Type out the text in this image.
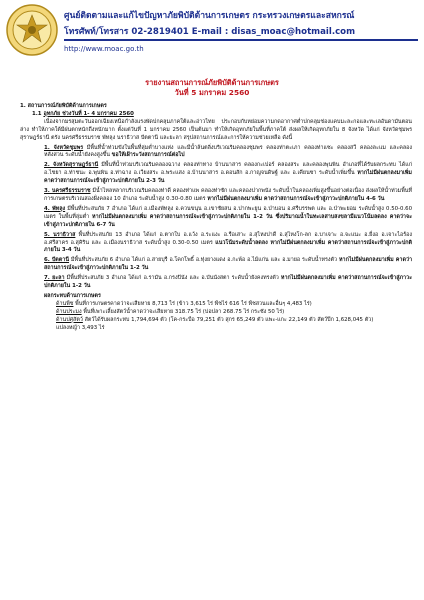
ศูนย์ติดตามและแก้ไขปัญหาภัยพิบัติด้านการเกษตร กระทรวงเกษตรและสหกรณ์
โทรศัพท์/โทรสาร 02-2819401 E-mail : disas_moac@hotmail.com
http://www.moac.go.th
รายงานสถานการณ์ภัยพิบัติด้านการเกษตร
วันที่ 5 มกราคม 2560

1. สถานการณ์ภัยพิบัติด้านการเกษตร

1.1 อุทกภัย ช่วงวันที่ 1- 4 มกราคม 2560

เนื่องจากมรสุมตะวันออกเฉียงเหนือกำลังแรงพัดปกคลุมภาคใต้และอ่าวไทย ประกอบกับหย่อมความกดอากาศต่ำปกคลุมช่องแคบมะละกอและทะเลอันดามันตอนล่าง ทำให้ภาคใต้มีฝนตกหนักถึงหนักมาก ตั้งแต่วันที่ 1 มกราคม 2560 เป็นต้นมา ทำให้เกิดอุทกภัยในพื้นที่ภาคใต้ ส่งผลให้เกิดอุทกภัยใน 8 จังหวัด ได้แก่ จังหวัดชุมพร สุราษฎร์ธานี ตรัง นครศรีธรรมราช พัทลุง นราธิวาส ปัตตานี และยะลา สรุปสถานการณ์และการให้ความช่วยเหลือ ดังนี้

1. จังหวัดชุมพร มีพื้นที่น้ำท่วมขังในพื้นที่ลุ่มต่ำบางแห่ง และมีน้ำล้นตลิ่งบริเวณริมคลองชุมพร คลองท่าตะเภา คลองท่าแซะ คลองสวี คลองละแม และคลองหลังสวน ระดับน้ำยังคงสูงขึ้น ขอให้เฝ้าระวังสถานการณ์ต่อไป

2. จังหวัดสุราษฎร์ธานี มีพื้นที่น้ำท่วมบริเวณริมคลองฉวาง คลองท่าทาง บ้านนาสาร คลองกะเปอร์ คลองสระ และคลองพุนพิน อำเภอที่ได้รับผลกระทบ ได้แก่ อ.ไชยา อ.ท่าชนะ อ.พุนพิน อ.ท่าฉาง อ.เวียงสระ อ.พระแสง อ.บ้านนาสาร อ.ดอนสัก อ.กาญจนดิษฐ์ และ อ.เคียนซา ระดับน้ำเพิ่มขึ้น หากไม่มีฝนตกลงมาเพิ่ม คาดว่าสถานการณ์จะเข้าสู่ภาวะปกติภายใน 2-3 วัน

3. นครศรีธรรมราช มีน้ำไหลหลากบริเวณริมคลองท่าดี คลองท่าแพ คลองท่าซัก และคลองปากพนัง ระดับน้ำในคลองเพิ่มสูงขึ้นอย่างต่อเนื่อง ส่งผลให้น้ำท่วมพื้นที่การเกษตรบริเวณสองฝั่งคลอง 10 อำเภอ ระดับน้ำสูง 0.30-0.80 เมตร หากไม่มีฝนตกลงมาเพิ่ม คาดว่าสถานการณ์จะเข้าสู่ภาวะปกติภายใน 4-6 วัน

4. พัทลุง มีพื้นที่ประสบภัย 7 อำเภอ ได้แก่ อ.เมืองพัทลุง อ.ควนขนุน อ.เขาชัยสน อ.ปากพะยูน อ.ป่าบอน อ.ศรีบรรพต และ อ.ป่าพะยอม ระดับน้ำสูง 0.50-0.60 เมตร ในพื้นที่ลุ่มต่ำ หากไม่มีฝนตกลงมาเพิ่ม คาดว่าสถานการณ์จะเข้าสู่ภาวะปกติภายใน 1-2 วัน ซึ่งปริมาณน้ำในทะเลสาบสงขลามีแนวโน้มลดลง คาดว่าจะเข้าสู่ภาวะปกติภายใน 6-7 วัน

5. นราธิวาส พื้นที่ประสบภัย 13 อำเภอ ได้แก่ อ.ตากใบ อ.แว้ง อ.ระแงะ อ.รือเสาะ อ.สุไหงปาดี อ.สุไหงโก-ลก อ.บาเจาะ อ.จะแนะ อ.ยี่งอ อ.เจาะไอร้อง อ.ศรีสาคร อ.สุคิริน และ อ.เมืองนราธิวาส ระดับน้ำสูง 0.30-0.50 เมตร แนวโน้มระดับน้ำลดลง หากไม่มีฝนตกลงมาเพิ่ม คาดว่าสถานการณ์จะเข้าสู่ภาวะปกติภายใน 3-4 วัน

6. ปัตตานี มีพื้นที่ประสบภัย 6 อำเภอ ได้แก่ อ.สายบุรี อ.โคกโพธิ์ อ.ทุ่งยางแดง อ.กะพ้อ อ.ไม้แก่น และ อ.มายอ ระดับน้ำทรงตัว หากไม่มีฝนตกลงมาเพิ่ม คาดว่าสถานการณ์จะเข้าสู่ภาวะปกติภายใน 1-2 วัน

7. ยะลา มีพื้นที่ประสบภัย 3 อำเภอ ได้แก่ อ.รามัน อ.กรงปินัง และ อ.บันนังสตา ระดับน้ำยังคงทรงตัว หากไม่มีฝนตกลงมาเพิ่ม คาดว่าสถานการณ์จะเข้าสู่ภาวะปกติภายใน 1-2 วัน

ผลกระทบด้านการเกษตร

ด้านพืช พื้นที่การเกษตรคาดว่าจะเสียหาย 8,713 ไร่ (ข้าว 3,615 ไร่ พืชไร่ 616 ไร่ พืชสวนและอื่นๆ 4,483 ไร่)

ด้านประมง พื้นที่เพาะเลี้ยงสัตว์น้ำคาดว่าจะเสียหาย 318.75 ไร่ (บ่อปลา 268.75 ไร่ กระชัง 50 ไร่)

ด้านปศุสัตว์ สัตว์ได้รับผลกระทบ 1,794,694 ตัว (โค-กระบือ 79,251 ตัว สุกร 65,249 ตัว แพะ-แกะ 22,149 ตัว สัตว์ปีก 1,628,045 ตัว)

แปลงหญ้า 3,493 ไร่
